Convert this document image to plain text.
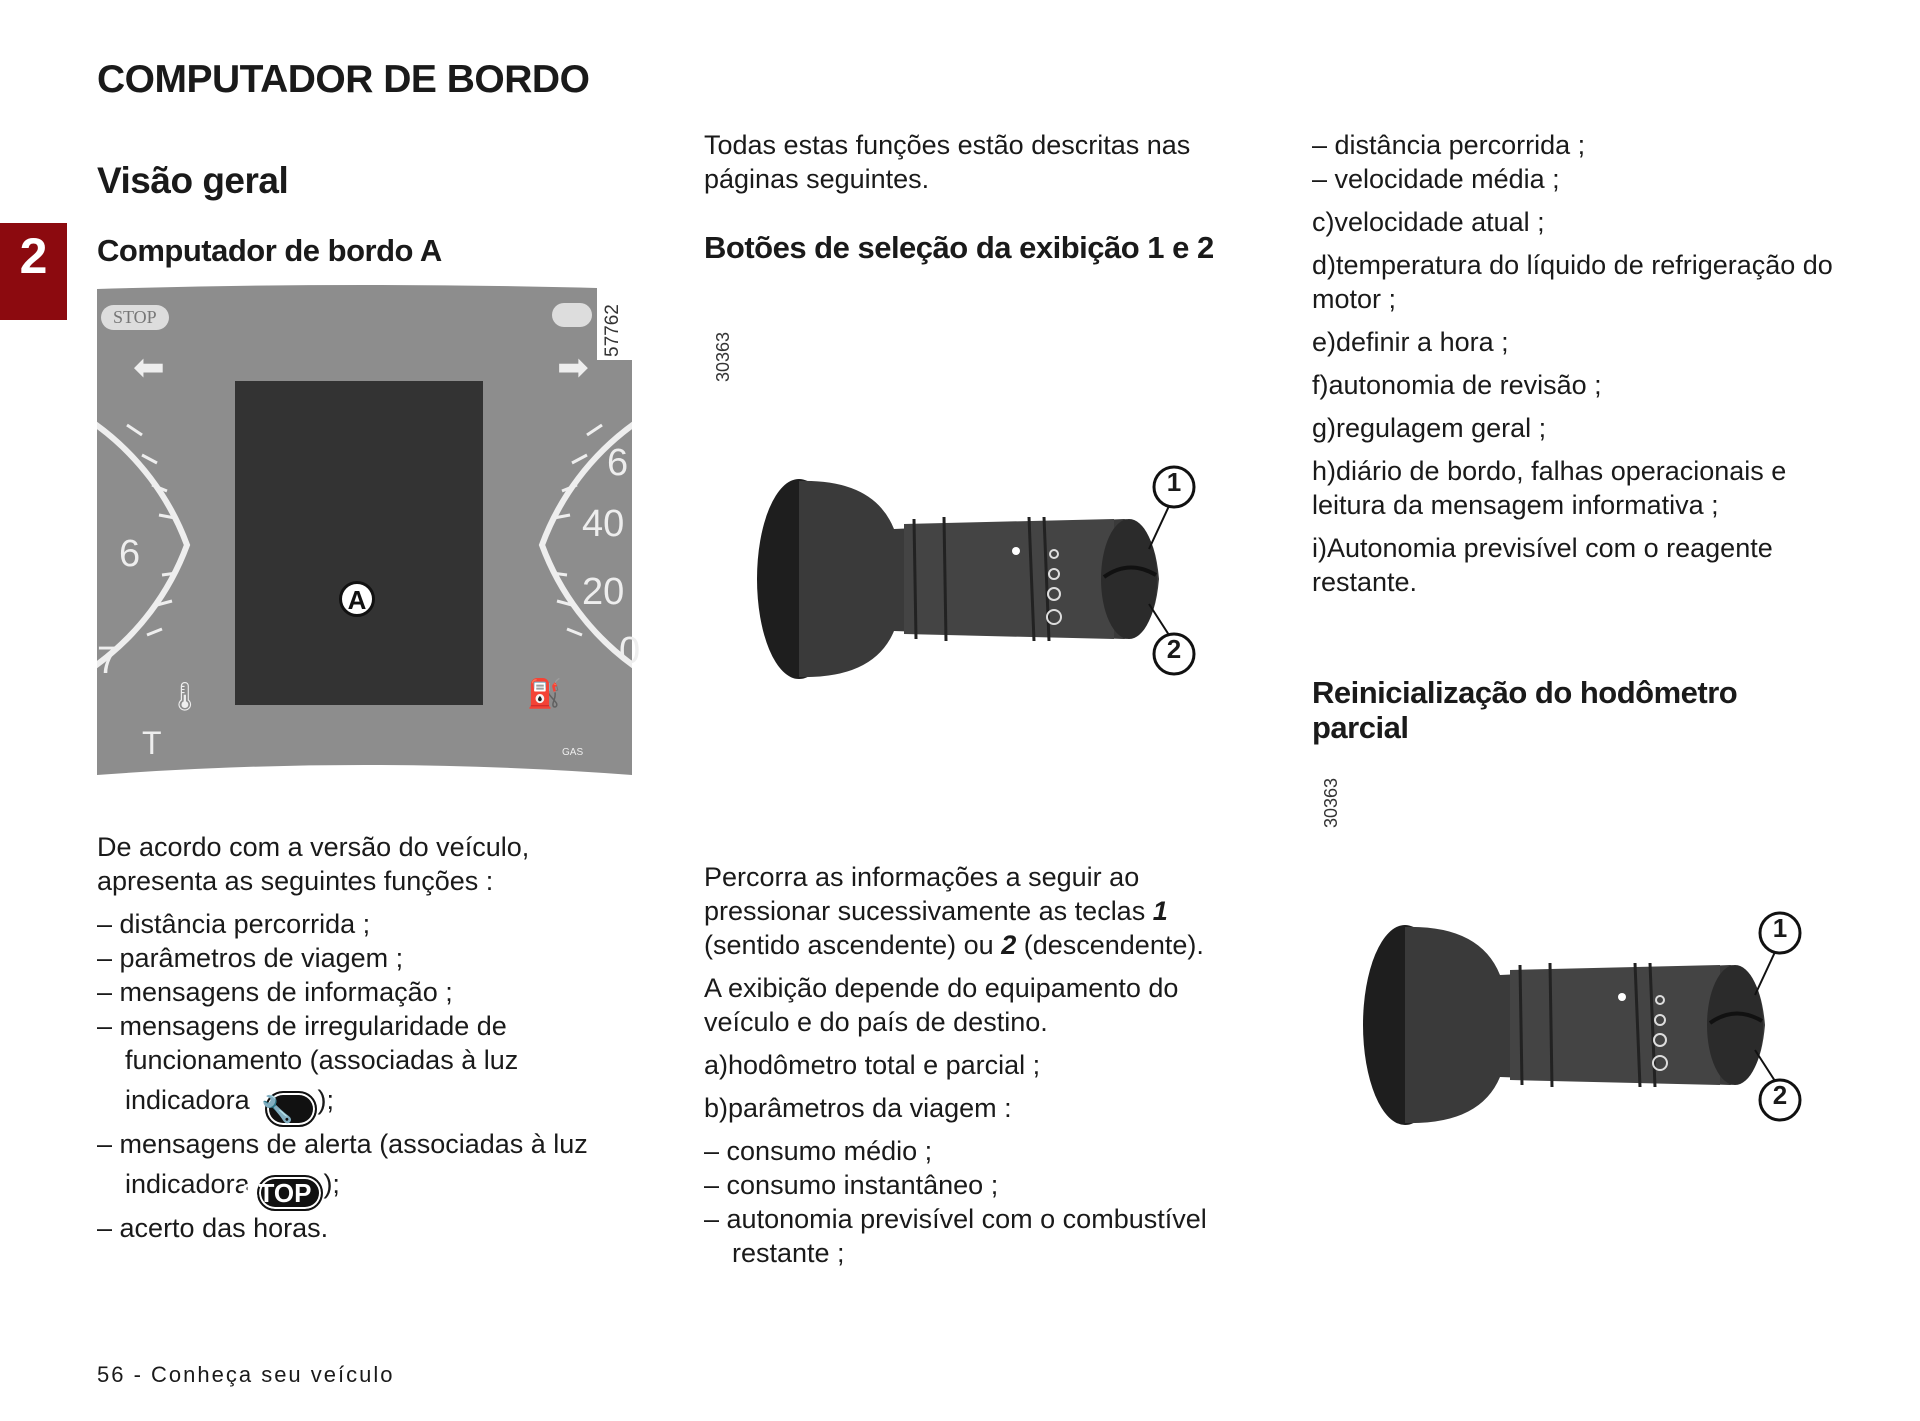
COMPUTADOR DE BORDO
2
Visão geral
Computador de bordo A
STOP	57762
⬅	➡
6
7
6
40
20
0
T
🌡	⛽
GAS
A

De acordo com a versão do veículo, apresenta as seguintes funções :

– distância percorrida ;

– parâmetros de viagem ;

– mensagens de informação ;

– mensagens de irregularidade de funcionamento (associadas à luz indicadora 🔧 );

– mensagens de alerta (associadas à luz indicadora STOP );

– acerto das horas.

Todas estas funções estão descritas nas páginas seguintes.
Botões de seleção da exibição 1 e 2
30363
1
2

Percorra as informações a seguir ao pressionar sucessivamente as teclas 1 (sentido ascendente) ou 2 (descendente).

A exibição depende do equipamento do veículo e do país de destino.

a)hodômetro total e parcial ;

b)parâmetros da viagem :

– consumo médio ;

– consumo instantâneo ;

– autonomia previsível com o combustível restante ;

– distância percorrida ;

– velocidade média ;

c)velocidade atual ;

d)temperatura do líquido de refrigeração do motor ;

e)definir a hora ;

f)autonomia de revisão ;

g)regulagem geral ;

h)diário de bordo, falhas operacionais e leitura da mensagem informativa ;

i)Autonomia previsível com o reagente restante.

Reinicialização do hodômetro parcial
30363
1
2
56 - Conheça seu veículo
